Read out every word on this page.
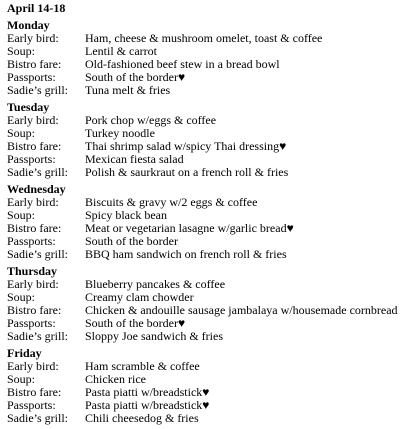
April 14-18
Monday
Early bird:	Ham, cheese & mushroom omelet, toast & coffee
Soup:	Lentil & carrot
Bistro fare:	Old-fashioned beef stew in a bread bowl
Passports:	South of the border♥
Sadie’s grill:	Tuna melt & fries
Tuesday
Early bird:	Pork chop w/eggs & coffee
Soup:	Turkey noodle
Bistro fare:	Thai shrimp salad w/spicy Thai dressing♥
Passports:	Mexican fiesta salad
Sadie’s grill:	Polish & saurkraut on a french roll & fries
Wednesday
Early bird:	Biscuits & gravy w/2 eggs & coffee
Soup:	Spicy black bean
Bistro fare:	Meat or vegetarian lasagne w/garlic bread♥
Passports:	South of the border
Sadie’s grill:	BBQ ham sandwich on french roll & fries
Thursday
Early bird:	Blueberry pancakes & coffee
Soup:	Creamy clam chowder
Bistro fare:	Chicken & andouille sausage jambalaya w/housemade cornbread
Passports:	South of the border♥
Sadie’s grill:	Sloppy Joe sandwich & fries
Friday
Early bird:	Ham scramble & coffee
Soup:	Chicken rice
Bistro fare:	Pasta piatti w/breadstick♥
Passports:	Pasta piatti w/breadstick♥
Sadie’s grill:	Chili cheesedog & fries
